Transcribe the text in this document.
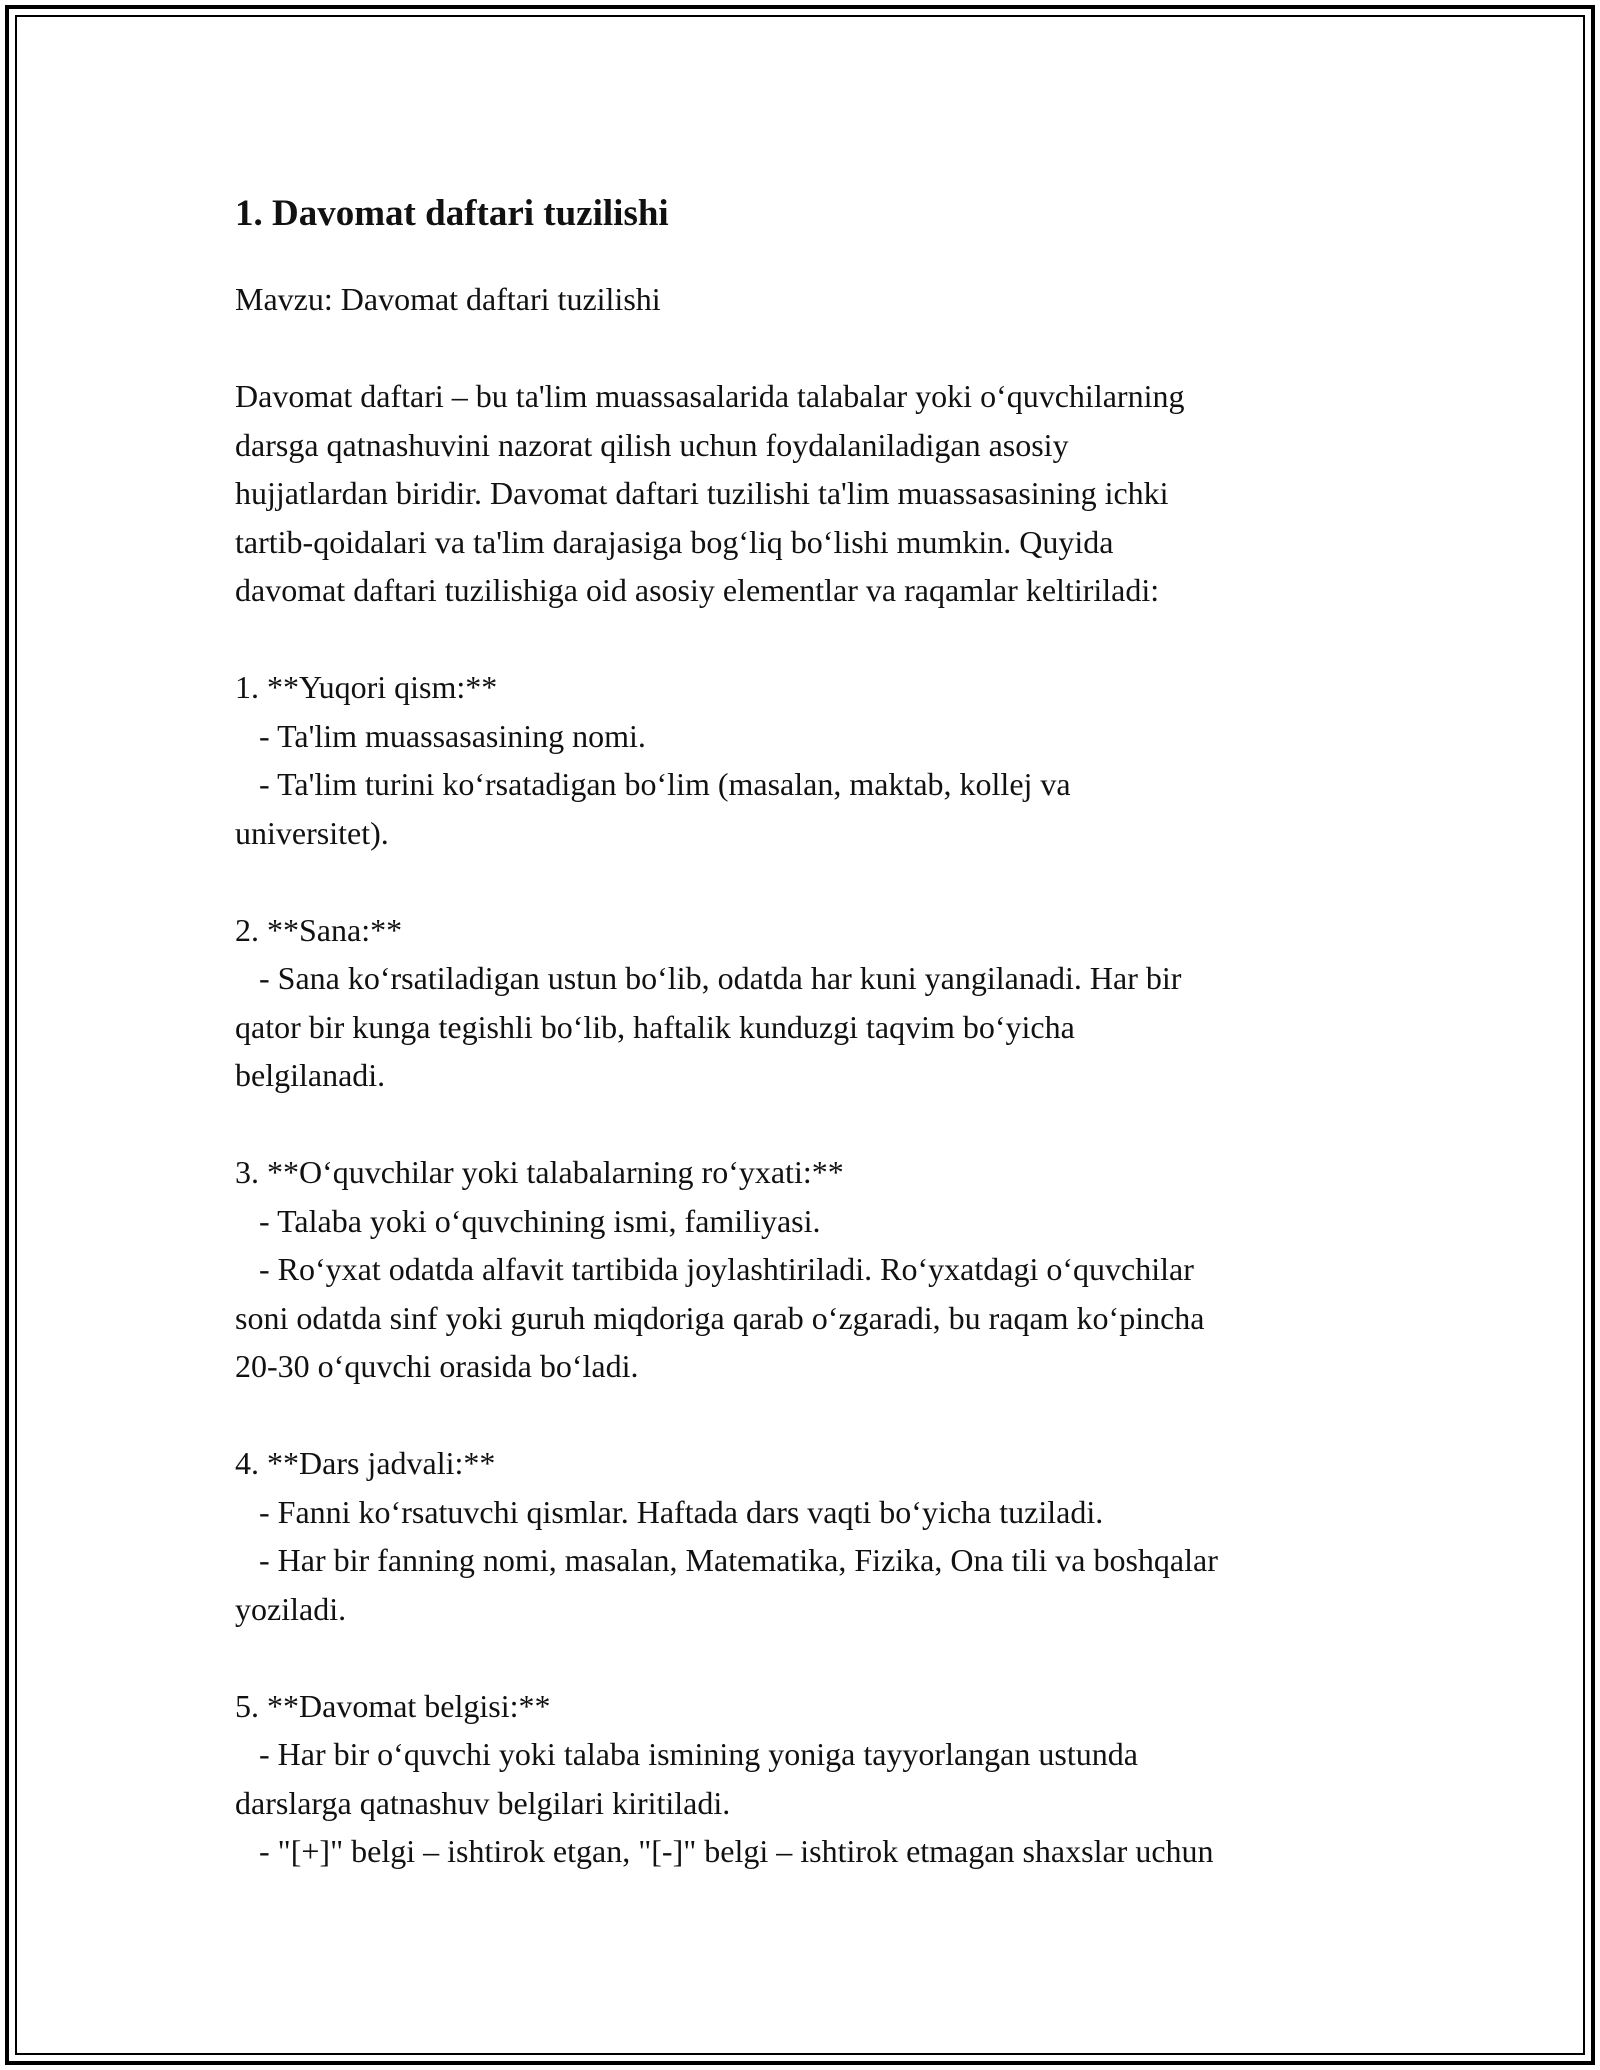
1. Davomat daftari tuzilishi
Mavzu: Davomat daftari tuzilishi

Davomat daftari – bu ta'lim muassasalarida talabalar yoki o‘quvchilarning
darsga qatnashuvini nazorat qilish uchun foydalaniladigan asosiy
hujjatlardan biridir. Davomat daftari tuzilishi ta'lim muassasasining ichki
tartib-qoidalari va ta'lim darajasiga bog‘liq bo‘lishi mumkin. Quyida
davomat daftari tuzilishiga oid asosiy elementlar va raqamlar keltiriladi:

1. **Yuqori qism:**
- Ta'lim muassasasining nomi.
- Ta'lim turini ko‘rsatadigan bo‘lim (masalan, maktab, kollej va
universitet).

2. **Sana:**
- Sana ko‘rsatiladigan ustun bo‘lib, odatda har kuni yangilanadi. Har bir
qator bir kunga tegishli bo‘lib, haftalik kunduzgi taqvim bo‘yicha
belgilanadi.

3. **O‘quvchilar yoki talabalarning ro‘yxati:**
- Talaba yoki o‘quvchining ismi, familiyasi.
- Ro‘yxat odatda alfavit tartibida joylashtiriladi. Ro‘yxatdagi o‘quvchilar
soni odatda sinf yoki guruh miqdoriga qarab o‘zgaradi, bu raqam ko‘pincha
20-30 o‘quvchi orasida bo‘ladi.

4. **Dars jadvali:**
- Fanni ko‘rsatuvchi qismlar. Haftada dars vaqti bo‘yicha tuziladi.
- Har bir fanning nomi, masalan, Matematika, Fizika, Ona tili va boshqalar
yoziladi.

5. **Davomat belgisi:**
- Har bir o‘quvchi yoki talaba ismining yoniga tayyorlangan ustunda
darslarga qatnashuv belgilari kiritiladi.
- "[+]" belgi – ishtirok etgan, "[-]" belgi – ishtirok etmagan shaxslar uchun
